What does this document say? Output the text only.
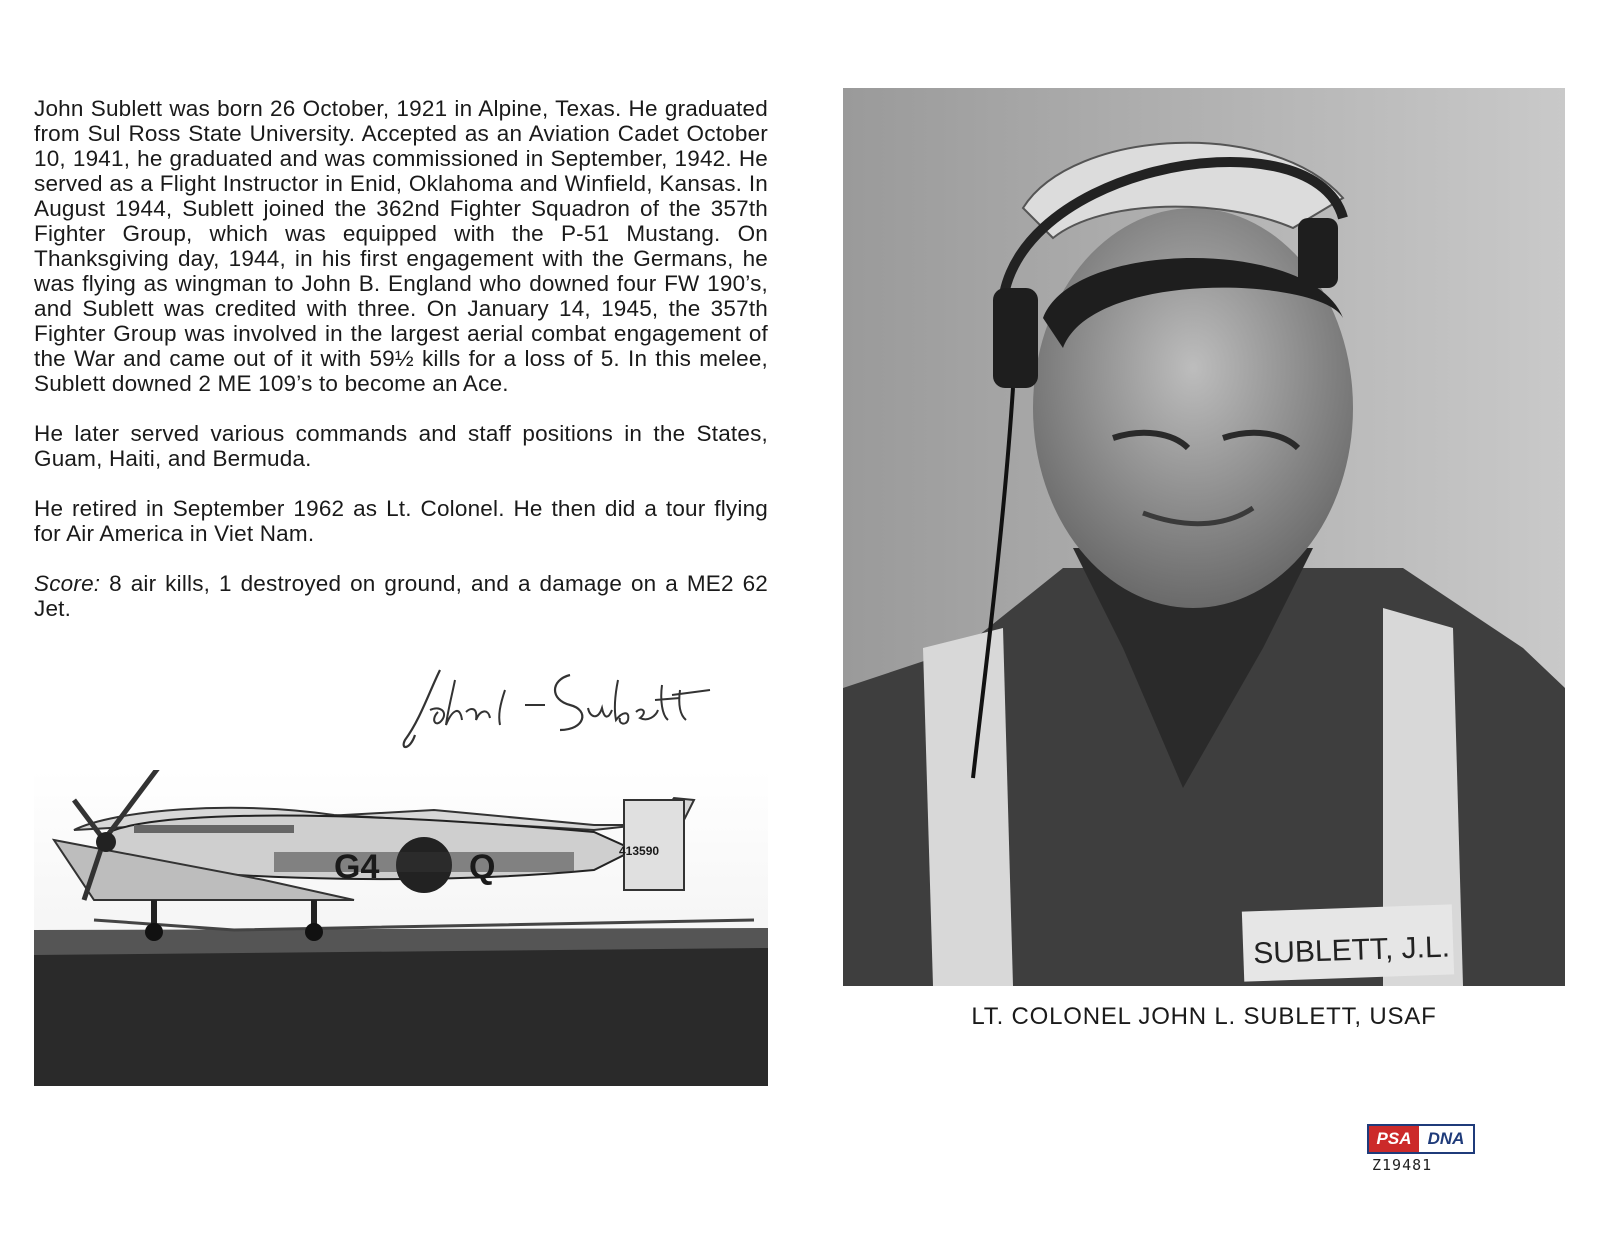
John Sublett was born 26 October, 1921 in Alpine, Texas. He graduated from Sul Ross State University. Accepted as an Aviation Cadet October 10, 1941, he graduated and was commissioned in September, 1942. He served as a Flight Instructor in Enid, Oklahoma and Winfield, Kansas. In August 1944, Sublett joined the 362nd Fighter Squadron of the 357th Fighter Group, which was equipped with the P-51 Mustang. On Thanksgiving day, 1944, in his first engagement with the Germans, he was flying as wingman to John B. England who downed four FW 190’s, and Sublett was credited with three. On January 14, 1945, the 357th Fighter Group was involved in the largest aerial combat engagement of the War and came out of it with 59½ kills for a loss of 5. In this melee, Sublett downed 2 ME 109’s to become an Ace.

He later served various commands and staff positions in the States, Guam, Haiti, and Bermuda.

He retired in September 1962 as Lt. Colonel. He then did a tour flying for Air America in Viet Nam.

Score: 8 air kills, 1 destroyed on ground, and a damage on a ME2 62 Jet.

G4	Q	413590
SUBLETT, J.L.
LT. COLONEL JOHN L. SUBLETT, USAF
PSA DNA
Z19481
